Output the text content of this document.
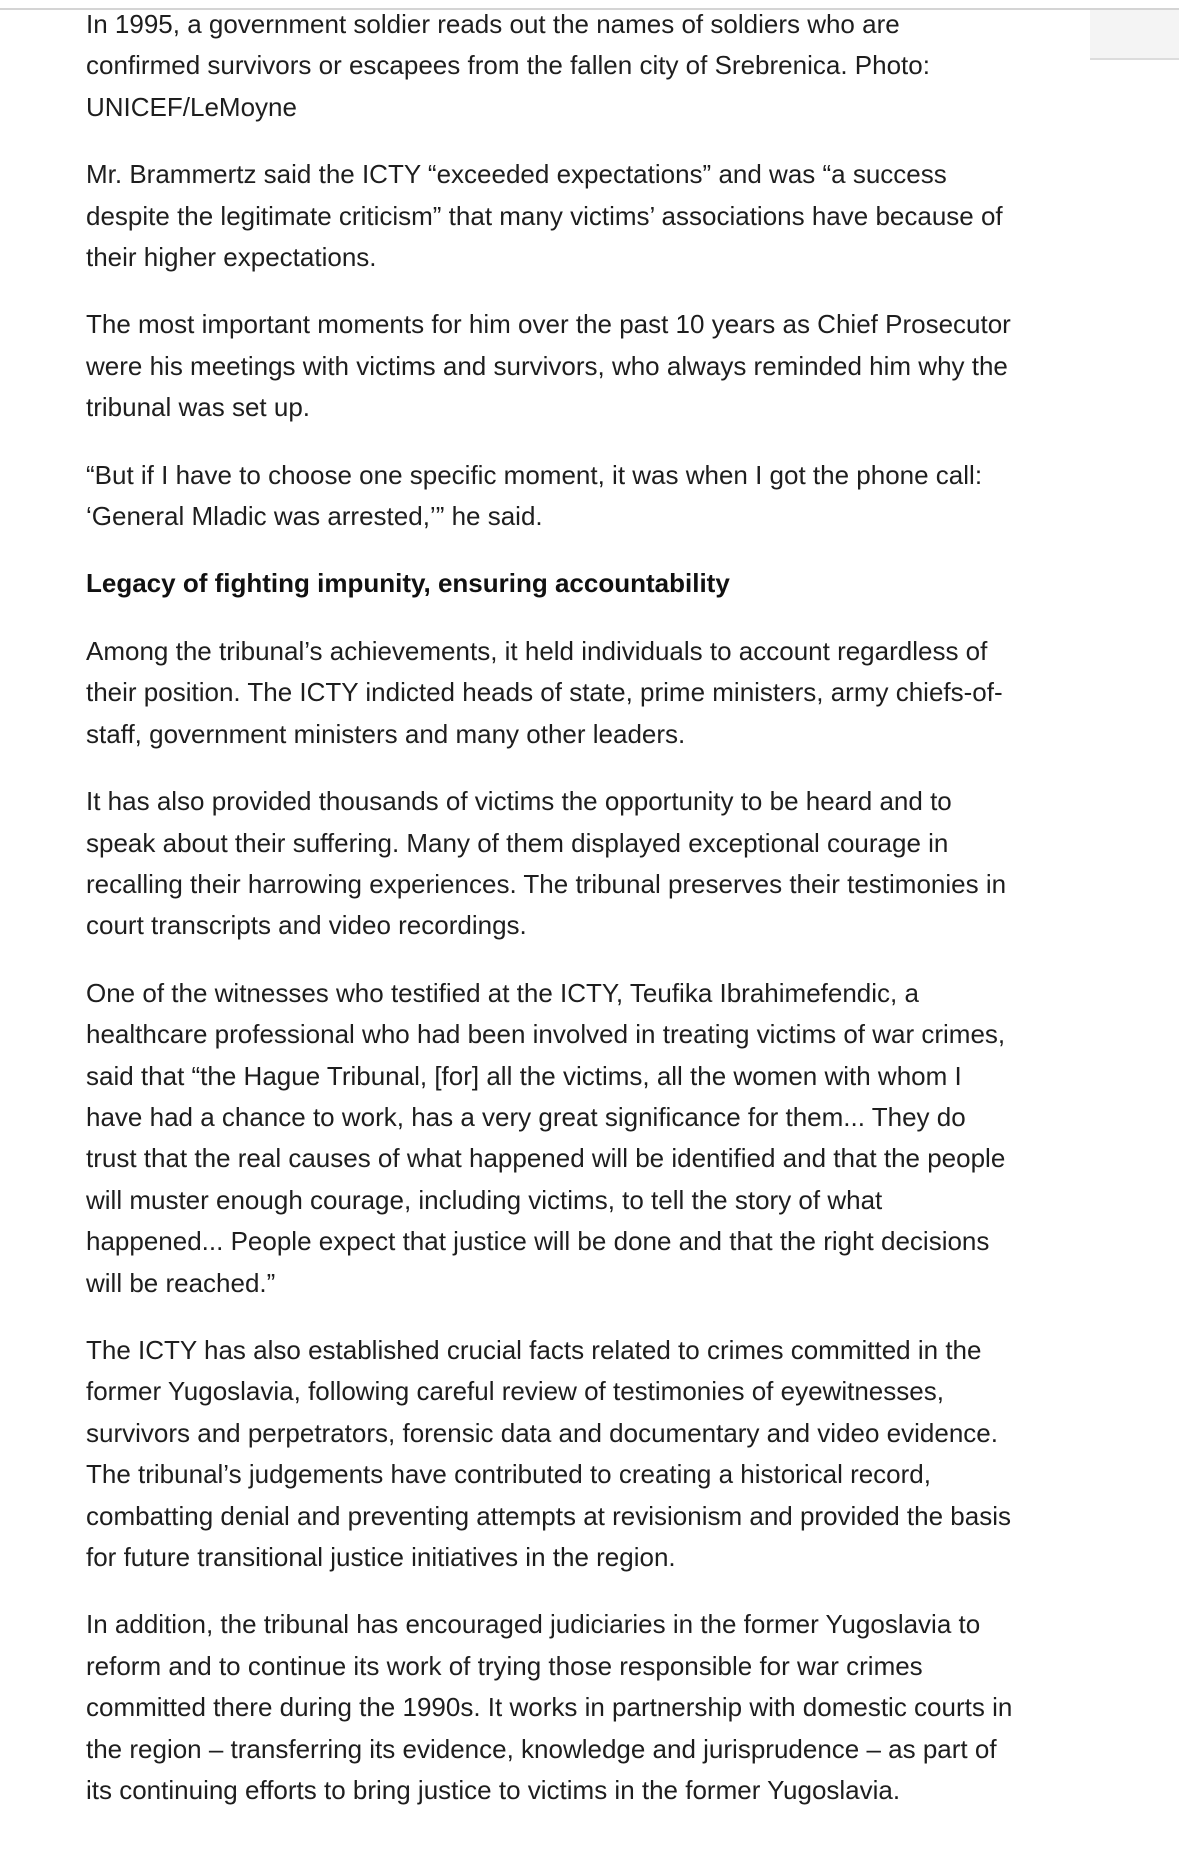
In 1995, a government soldier reads out the names of soldiers who are confirmed survivors or escapees from the fallen city of Srebrenica. Photo: UNICEF/LeMoyne

Mr. Brammertz said the ICTY “exceeded expectations” and was “a success despite the legitimate criticism” that many victims’ associations have because of their higher expectations.

The most important moments for him over the past 10 years as Chief Prosecutor were his meetings with victims and survivors, who always reminded him why the tribunal was set up.

“But if I have to choose one specific moment, it was when I got the phone call: ‘General Mladic was arrested,’” he said.

Legacy of fighting impunity, ensuring accountability

Among the tribunal’s achievements, it held individuals to account regardless of their position. The ICTY indicted heads of state, prime ministers, army chiefs-of-staff, government ministers and many other leaders.

It has also provided thousands of victims the opportunity to be heard and to speak about their suffering. Many of them displayed exceptional courage in recalling their harrowing experiences. The tribunal preserves their testimonies in court transcripts and video recordings.

One of the witnesses who testified at the ICTY, Teufika Ibrahimefendic, a healthcare professional who had been involved in treating victims of war crimes, said that “the Hague Tribunal, [for] all the victims, all the women with whom I have had a chance to work, has a very great significance for them... They do trust that the real causes of what happened will be identified and that the people will muster enough courage, including victims, to tell the story of what happened... People expect that justice will be done and that the right decisions will be reached.”

The ICTY has also established crucial facts related to crimes committed in the former Yugoslavia, following careful review of testimonies of eyewitnesses, survivors and perpetrators, forensic data and documentary and video evidence. The tribunal’s judgements have contributed to creating a historical record, combatting denial and preventing attempts at revisionism and provided the basis for future transitional justice initiatives in the region.

In addition, the tribunal has encouraged judiciaries in the former Yugoslavia to reform and to continue its work of trying those responsible for war crimes committed there during the 1990s. It works in partnership with domestic courts in the region – transferring its evidence, knowledge and jurisprudence – as part of its continuing efforts to bring justice to victims in the former Yugoslavia.
